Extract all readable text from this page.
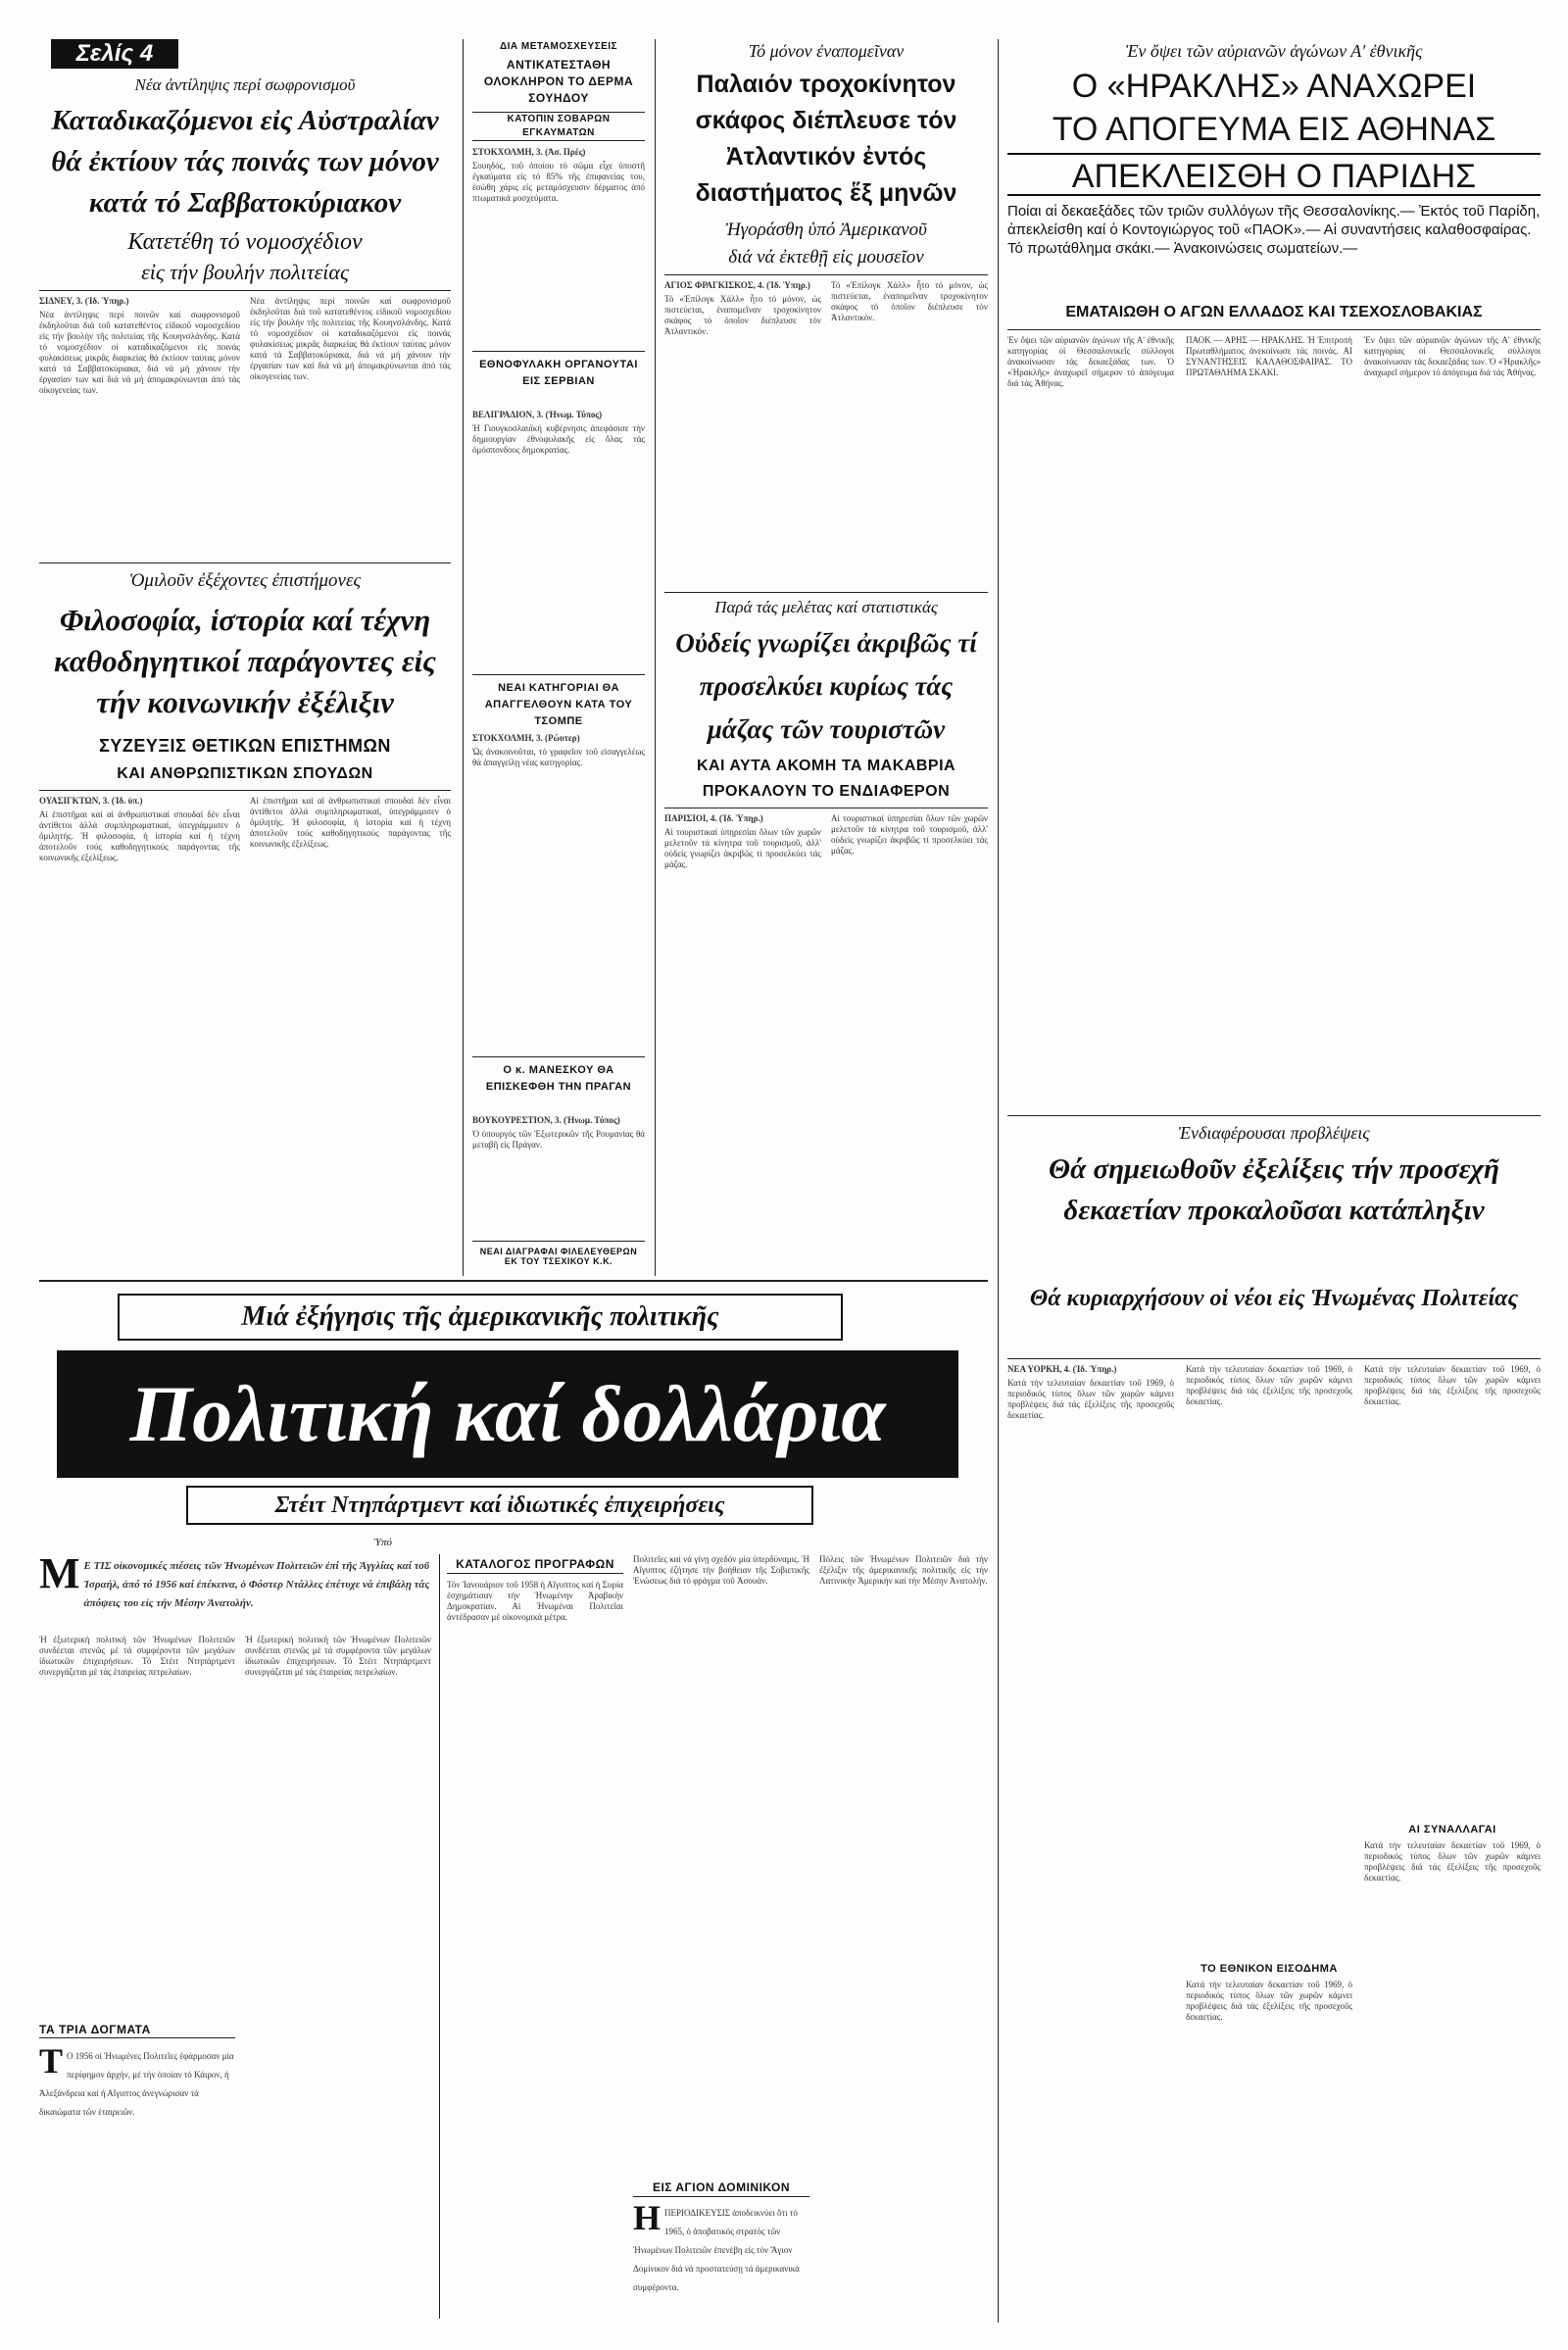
Σελίς 4
Νέα ἀντίληψις περί σωφρονισμοῦ
Καταδικαζόμενοι εἰς Αὐστραλίαν θά ἐκτίουν τάς ποινάς των μόνον κατά τό Σαββατοκύριακον
Κατετέθη τό νομοσχέδιον
εἰς τήν βουλήν πολιτείας
ΣΙΔΝΕΥ, 3. (Ἰδ. Ὑπηρ.)
Νέα ἀντίληψις περί ποινῶν καί σωφρονισμοῦ ἐκδηλοῦται διά τοῦ κατατεθέντος εἰδικοῦ νομοσχεδίου εἰς τήν βουλήν τῆς πολιτείας τῆς Κουηνσλάνδης. Κατά τό νομοσχέδιον οἱ καταδικαζόμενοι εἰς ποινάς φυλακίσεως μικρᾶς διαρκείας θά ἐκτίουν ταύτας μόνον κατά τά Σαββατοκύριακα, διά νά μή χάνουν τήν ἐργασίαν των καί διά νά μή ἀπομακρύνωνται ἀπό τάς οἰκογενείας των.
Νέα ἀντίληψις περί ποινῶν καί σωφρονισμοῦ ἐκδηλοῦται διά τοῦ κατατεθέντος εἰδικοῦ νομοσχεδίου εἰς τήν βουλήν τῆς πολιτείας τῆς Κουηνσλάνδης. Κατά τό νομοσχέδιον οἱ καταδικαζόμενοι εἰς ποινάς φυλακίσεως μικρᾶς διαρκείας θά ἐκτίουν ταύτας μόνον κατά τά Σαββατοκύριακα, διά νά μή χάνουν τήν ἐργασίαν των καί διά νά μή ἀπομακρύνωνται ἀπό τάς οἰκογενείας των.
Ὁμιλοῦν ἐξέχοντες ἐπιστήμονες
Φιλοσοφία, ἱστορία καί τέχνη καθοδηγητικοί παράγοντες εἰς τήν κοινωνικήν ἐξέλιξιν
ΣΥΖΕΥΞΙΣ ΘΕΤΙΚΩΝ ΕΠΙΣΤΗΜΩΝ
ΚΑΙ ΑΝΘΡΩΠΙΣΤΙΚΩΝ ΣΠΟΥΔΩΝ
ΟΥΑΣΙΓΚΤΩΝ, 3. (Ἰδ. ὑπ.)
Αἱ ἐπιστῆμαι καί αἱ ἀνθρωπιστικαί σπουδαί δέν εἶναι ἀντίθετοι ἀλλά συμπληρωματικαί, ὑπεγράμμισεν ὁ ὁμιλητής. Ἡ φιλοσοφία, ἡ ἱστορία καί ἡ τέχνη ἀποτελοῦν τούς καθοδηγητικούς παράγοντας τῆς κοινωνικῆς ἐξελίξεως.
Αἱ ἐπιστῆμαι καί αἱ ἀνθρωπιστικαί σπουδαί δέν εἶναι ἀντίθετοι ἀλλά συμπληρωματικαί, ὑπεγράμμισεν ὁ ὁμιλητής. Ἡ φιλοσοφία, ἡ ἱστορία καί ἡ τέχνη ἀποτελοῦν τούς καθοδηγητικούς παράγοντας τῆς κοινωνικῆς ἐξελίξεως.
ΔΙΑ ΜΕΤΑΜΟΣΧΕΥΣΕΙΣ
ΑΝΤΙΚΑΤΕΣΤΑΘΗ ΟΛΟΚΛΗΡΟΝ ΤΟ ΔΕΡΜΑ ΣΟΥΗΔΟΥ
ΚΑΤΟΠΙΝ ΣΟΒΑΡΩΝ ΕΓΚΑΥΜΑΤΩΝ
ΣΤΟΚΧΟΛΜΗ, 3. (Ἀσ. Πρές)
Σουηδός, τοῦ ὁποίου τό σῶμα εἶχε ὑποστῆ ἐγκαύματα εἰς τό 85% τῆς ἐπιφανείας του, ἐσώθη χάρις εἰς μεταμόσχευσιν δέρματος ἀπό πτωματικά μοσχεύματα.
ΕΘΝΟΦΥΛΑΚΗ ΟΡΓΑΝΟΥΤΑΙ ΕΙΣ ΣΕΡΒΙΑΝ
ΒΕΛΙΓΡΑΔΙΟΝ, 3. (Ἡνωμ. Τύπος)
Ἡ Γιουγκοσλαυϊκή κυβέρνησις ἀπεφάσισε τήν δημιουργίαν ἐθνοφυλακῆς εἰς ὅλας τάς ὁμόσπονδους δημοκρατίας.
ΝΕΑΙ ΚΑΤΗΓΟΡΙΑΙ ΘΑ ΑΠΑΓΓΕΛΘΟΥΝ ΚΑΤΑ ΤΟΥ ΤΣΟΜΠΕ
ΣΤΟΚΧΟΛΜΗ, 3. (Ρώυτερ)
Ὡς ἀνακοινοῦται, τό γραφεῖον τοῦ εἰσαγγελέως θά ἀπαγγείλῃ νέας κατηγορίας.
Ο κ. ΜΑΝΕΣΚΟΥ ΘΑ ΕΠΙΣΚΕΦΘΗ ΤΗΝ ΠΡΑΓΑΝ
ΒΟΥΚΟΥΡΕΣΤΙΟΝ, 3. (Ἡνωμ. Τύπος)
Ὁ ὑπουργός τῶν Ἐξωτερικῶν τῆς Ρουμανίας θά μεταβῆ εἰς Πράγαν.
ΝΕΑΙ ΔΙΑΓΡΑΦΑΙ ΦΙΛΕΛΕΥΘΕΡΩΝ ΕΚ ΤΟΥ ΤΣΕΧΙΚΟΥ Κ.Κ.
Τό μόνον ἐναπομεῖναν
Παλαιόν τροχοκίνητον σκάφος διέπλευσε τόν Ἀτλαντικόν ἐντός διαστήματος ἕξ μηνῶν
Ἠγοράσθη ὑπό Ἀμερικανοῦ
διά νά ἐκτεθῇ εἰς μουσεῖον
ΑΓΙΟΣ ΦΡΑΓΚΙΣΚΟΣ, 4. (Ἰδ. Ὑπηρ.)
Τό «Ἐπίλογκ Χάλλ» ἦτο τό μόνον, ὡς πιστεύεται, ἐναπομεῖναν τροχοκίνητον σκάφος τό ὁποῖον διέπλευσε τόν Ἀτλαντικόν.
Τό «Ἐπίλογκ Χάλλ» ἦτο τό μόνον, ὡς πιστεύεται, ἐναπομεῖναν τροχοκίνητον σκάφος τό ὁποῖον διέπλευσε τόν Ἀτλαντικόν.
Παρά τάς μελέτας καί στατιστικάς
Οὐδείς γνωρίζει ἀκριβῶς τί προσελκύει κυρίως τάς μάζας τῶν τουριστῶν
ΚΑΙ ΑΥΤΑ ΑΚΟΜΗ ΤΑ ΜΑΚΑΒΡΙΑ
ΠΡΟΚΑΛΟΥΝ ΤΟ ΕΝΔΙΑΦΕΡΟΝ
ΠΑΡΙΣΙΟΙ, 4. (Ἰδ. Ὑπηρ.)
Αἱ τουριστικαί ὑπηρεσίαι ὅλων τῶν χωρῶν μελετοῦν τά κίνητρα τοῦ τουρισμοῦ, ἀλλ' οὐδείς γνωρίζει ἀκριβῶς τί προσελκύει τάς μάζας.
Αἱ τουριστικαί ὑπηρεσίαι ὅλων τῶν χωρῶν μελετοῦν τά κίνητρα τοῦ τουρισμοῦ, ἀλλ' οὐδείς γνωρίζει ἀκριβῶς τί προσελκύει τάς μάζας.
Ἐν ὄψει τῶν αὐριανῶν ἀγώνων Α' ἐθνικῆς
Ο «ΗΡΑΚΛΗΣ» ΑΝΑΧΩΡΕΙ
ΤΟ ΑΠΟΓΕΥΜΑ ΕΙΣ ΑΘΗΝΑΣ
ΑΠΕΚΛΕΙΣΘΗ Ο ΠΑΡΙΔΗΣ
Ποίαι αἱ δεκαεξάδες τῶν τριῶν συλλόγων τῆς Θεσσαλονίκης.— Ἐκτός τοῦ Παρίδη, ἀπεκλείσθη καί ὁ Κοντογιώργος τοῦ «ΠΑΟΚ».— Αἱ συναντήσεις καλαθοσφαίρας. Τό πρωτάθλημα σκάκι.— Ἀνακοινώσεις σωματείων.—
ΕΜΑΤΑΙΩΘΗ Ο ΑΓΩΝ ΕΛΛΑΔΟΣ ΚΑΙ ΤΣΕΧΟΣΛΟΒΑΚΙΑΣ
Ἐν ὄψει τῶν αὐριανῶν ἀγώνων τῆς Α' ἐθνικῆς κατηγορίας οἱ Θεσσαλονικεῖς σύλλογοι ἀνακοίνωσαν τάς δεκαεξάδας των. Ὁ «Ἡρακλῆς» ἀναχωρεῖ σήμερον τό ἀπόγευμα διά τάς Ἀθήνας.
ΠΑΟΚ — ΑΡΗΣ — ΗΡΑΚΛΗΣ. Ἡ Ἐπιτροπή Πρωταθλήματος ἀνεκοίνωσε τάς ποινάς. ΑΙ ΣΥΝΑΝΤΗΣΕΙΣ ΚΑΛΑΘΟΣΦΑΙΡΑΣ. ΤΟ ΠΡΩΤΑΘΛΗΜΑ ΣΚΑΚΙ.
Ἐν ὄψει τῶν αὐριανῶν ἀγώνων τῆς Α' ἐθνικῆς κατηγορίας οἱ Θεσσαλονικεῖς σύλλογοι ἀνακοίνωσαν τάς δεκαεξάδας των. Ὁ «Ἡρακλῆς» ἀναχωρεῖ σήμερον τό ἀπόγευμα διά τάς Ἀθήνας.
Ἐνδιαφέρουσαι προβλέψεις
Θά σημειωθοῦν ἐξελίξεις τήν προσεχῆ δεκαετίαν προκαλοῦσαι κατάπληξιν
Θά κυριαρχήσουν οἱ νέοι εἰς Ἡνωμένας Πολιτείας
ΝΕΑ ΥΟΡΚΗ, 4. (Ἰδ. Ὑπηρ.)
Κατά τήν τελευταίαν δεκαετίαν τοῦ 1969, ὁ περιοδικός τύπος ὅλων τῶν χωρῶν κάμνει προβλέψεις διά τάς ἐξελίξεις τῆς προσεχοῦς δεκαετίας.
Κατά τήν τελευταίαν δεκαετίαν τοῦ 1969, ὁ περιοδικός τύπος ὅλων τῶν χωρῶν κάμνει προβλέψεις διά τάς ἐξελίξεις τῆς προσεχοῦς δεκαετίας.
ΤΟ ΕΘΝΙΚΟΝ ΕΙΣΟΔΗΜΑ
Κατά τήν τελευταίαν δεκαετίαν τοῦ 1969, ὁ περιοδικός τύπος ὅλων τῶν χωρῶν κάμνει προβλέψεις διά τάς ἐξελίξεις τῆς προσεχοῦς δεκαετίας.
Κατά τήν τελευταίαν δεκαετίαν τοῦ 1969, ὁ περιοδικός τύπος ὅλων τῶν χωρῶν κάμνει προβλέψεις διά τάς ἐξελίξεις τῆς προσεχοῦς δεκαετίας.
ΑΙ ΣΥΝΑΛΛΑΓΑΙ
Κατά τήν τελευταίαν δεκαετίαν τοῦ 1969, ὁ περιοδικός τύπος ὅλων τῶν χωρῶν κάμνει προβλέψεις διά τάς ἐξελίξεις τῆς προσεχοῦς δεκαετίας.
Μιά ἐξήγησις τῆς ἀμερικανικῆς πολιτικῆς
Πολιτική καί δολλάρια
Στέιτ Ντηπάρτμεντ καί ἰδιωτικές ἐπιχειρήσεις
Ὑπό
Μ Ε ΤΙΣ οἰκονομικές πιέσεις τῶν Ἡνωμένων Πολιτειῶν ἐπί τῆς Ἀγγλίας καί τοῦ Ἰσραήλ, ἀπό τό 1956 καί ἐπέκεινα, ὁ Φόστερ Ντάλλες ἐπέτυχε νά ἐπιβάλῃ τάς ἀπόψεις του εἰς τήν Μέσην Ἀνατολήν.
Ἡ ἐξωτερική πολιτική τῶν Ἡνωμένων Πολιτειῶν συνδέεται στενῶς μέ τά συμφέροντα τῶν μεγάλων ἰδιωτικῶν ἐπιχειρήσεων. Τό Στέιτ Ντηπάρτμεντ συνεργάζεται μέ τάς ἑταιρείας πετρελαίων.
ΤΑ ΤΡΙΑ ΔΟΓΜΑΤΑ
Τ Ο 1956 οἱ Ἡνωμένες Πολιτεῖες ἐφάρμοσαν μία περίφημον ἀρχήν, μέ τήν ὁποίαν τό Κάιρον, ἡ Ἀλεξάνδρεια καί ἡ Αἴγυπτος ἀνεγνώρισαν τά δικαιώματα τῶν ἑταιρειῶν.
Ἡ ἐξωτερική πολιτική τῶν Ἡνωμένων Πολιτειῶν συνδέεται στενῶς μέ τά συμφέροντα τῶν μεγάλων ἰδιωτικῶν ἐπιχειρήσεων. Τό Στέιτ Ντηπάρτμεντ συνεργάζεται μέ τάς ἑταιρείας πετρελαίων.
ΚΑΤΑΛΟΓΟΣ ΠΡΟΓΡΑΦΩΝ
Τόν Ἰανουάριον τοῦ 1958 ἡ Αἴγυπτος καί ἡ Συρία ἐσχημάτισαν τήν Ἡνωμένην Ἀραβικήν Δημοκρατίαν. Αἱ Ἡνωμέναι Πολιτεῖαι ἀντέδρασαν μέ οἰκονομικά μέτρα.
Πολιτεῖες καί νά γίνῃ σχεδόν μία ὑπερδύναμις. Ἡ Αἴγυπτος ἐζήτησε τήν βοήθειαν τῆς Σοβιετικῆς Ἑνώσεως διά τό φράγμα τοῦ Ἀσουάν.
ΕΙΣ ΑΓΙΟΝ ΔΟΜΙΝΙΚΟΝ
Η ΠΕΡΙΟΔΙΚΕΥΣΙΣ ἀποδεικνύει ὅτι τό 1965, ὁ ἀποβατικός στρατός τῶν Ἡνωμένων Πολιτειῶν ἐπενέβη εἰς τόν Ἅγιον Δομίνικον διά νά προστατεύσῃ τά ἀμερικανικά συμφέροντα.
Πόλεις τῶν Ἡνωμένων Πολιτειῶν διά τήν ἐξέλιξιν τῆς ἀμερικανικῆς πολιτικῆς εἰς τήν Λατινικήν Ἀμερικήν καί τήν Μέσην Ἀνατολήν.
